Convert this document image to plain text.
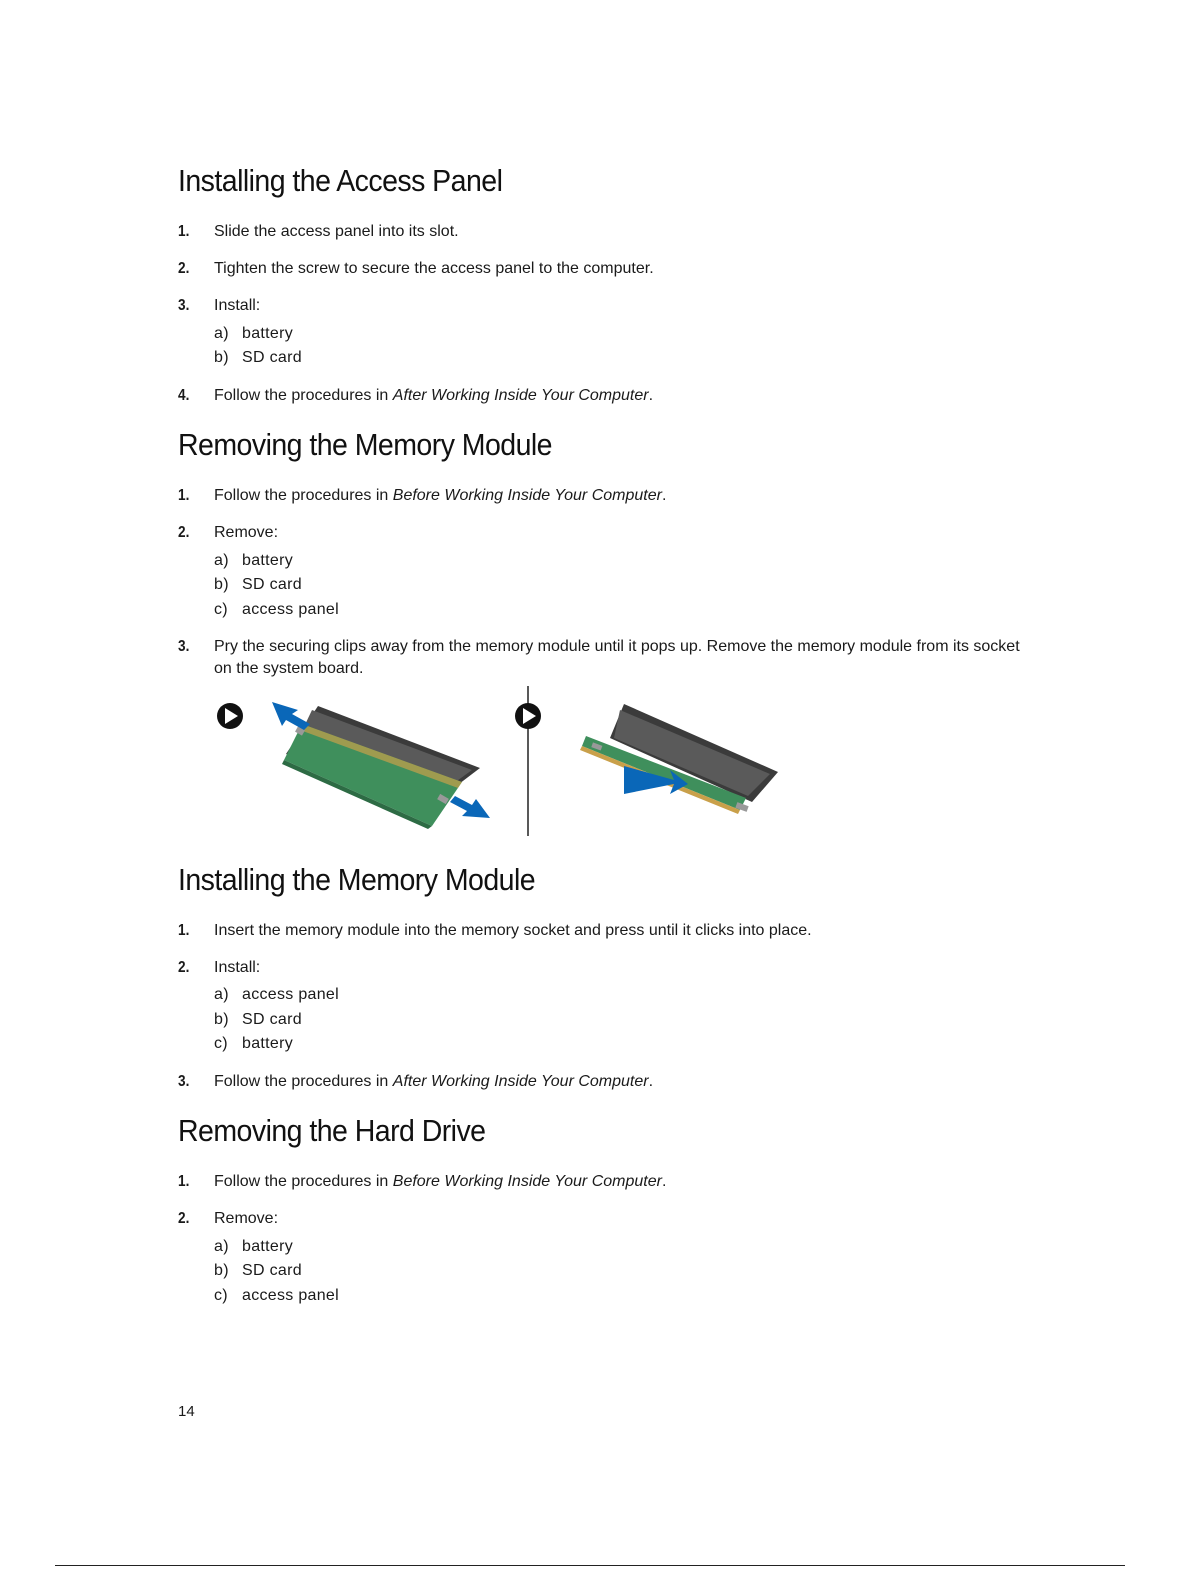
Installing the Access Panel
1. Slide the access panel into its slot.
2. Tighten the screw to secure the access panel to the computer.
3. Install:
a) battery
b) SD card
4. Follow the procedures in After Working Inside Your Computer.
Removing the Memory Module
1. Follow the procedures in Before Working Inside Your Computer.
2. Remove:
a) battery
b) SD card
c) access panel
3. Pry the securing clips away from the memory module until it pops up. Remove the memory module from its socket on the system board.
Installing the Memory Module
1. Insert the memory module into the memory socket and press until it clicks into place.
2. Install:
a) access panel
b) SD card
c) battery
3. Follow the procedures in After Working Inside Your Computer.
Removing the Hard Drive
1. Follow the procedures in Before Working Inside Your Computer.
2. Remove:
a) battery
b) SD card
c) access panel
14
